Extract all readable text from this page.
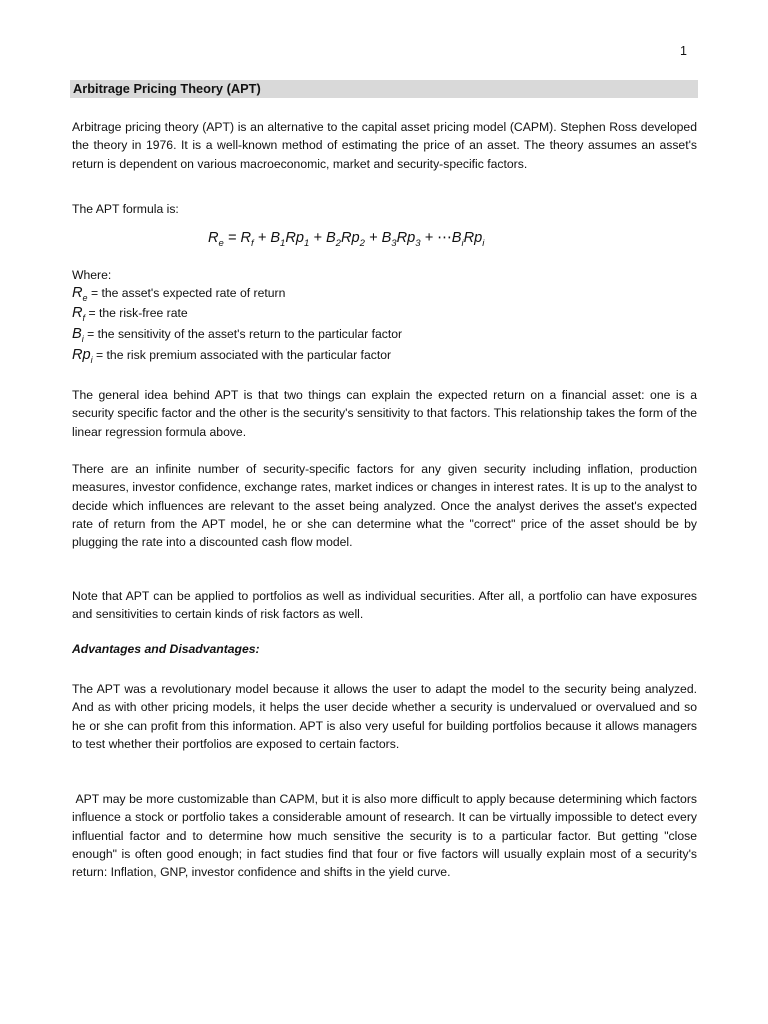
1
Arbitrage Pricing Theory (APT)

Arbitrage pricing theory (APT) is an alternative to the capital asset pricing model (CAPM). Stephen Ross developed the theory in 1976. It is a well-known method of estimating the price of an asset. The theory assumes an asset's return is dependent on various macroeconomic, market and security-specific factors.

The APT formula is:

$R_e = R_f + B_1Rp_1 + B_2Rp_2 + B_3Rp_3$ + $\cdots B_iRp_i$

Where:

$R_e$ = the asset's expected rate of return

$R_f$ = the risk-free rate

$B_i$ = the sensitivity of the asset's return to the particular factor

$Rp_i$ = the risk premium associated with the particular factor

The general idea behind APT is that two things can explain the expected return on a financial asset: one is a security specific factor and the other is the security's sensitivity to that factors. This relationship takes the form of the linear regression formula above.

There are an infinite number of security-specific factors for any given security including inflation, production measures, investor confidence, exchange rates, market indices or changes in interest rates. It is up to the analyst to decide which influences are relevant to the asset being analyzed. Once the analyst derives the asset's expected rate of return from the APT model, he or she can determine what the "correct" price of the asset should be by plugging the rate into a discounted cash flow model.

Note that APT can be applied to portfolios as well as individual securities. After all, a portfolio can have exposures and sensitivities to certain kinds of risk factors as well.

Advantages and Disadvantages:

The APT was a revolutionary model because it allows the user to adapt the model to the security being analyzed. And as with other pricing models, it helps the user decide whether a security is undervalued or overvalued and so he or she can profit from this information. APT is also very useful for building portfolios because it allows managers to test whether their portfolios are exposed to certain factors.

APT may be more customizable than CAPM, but it is also more difficult to apply because determining which factors influence a stock or portfolio takes a considerable amount of research. It can be virtually impossible to detect every influential factor and to determine how much sensitive the security is to a particular factor. But getting "close enough" is often good enough; in fact studies find that four or five factors will usually explain most of a security's return: Inflation, GNP, investor confidence and shifts in the yield curve.
